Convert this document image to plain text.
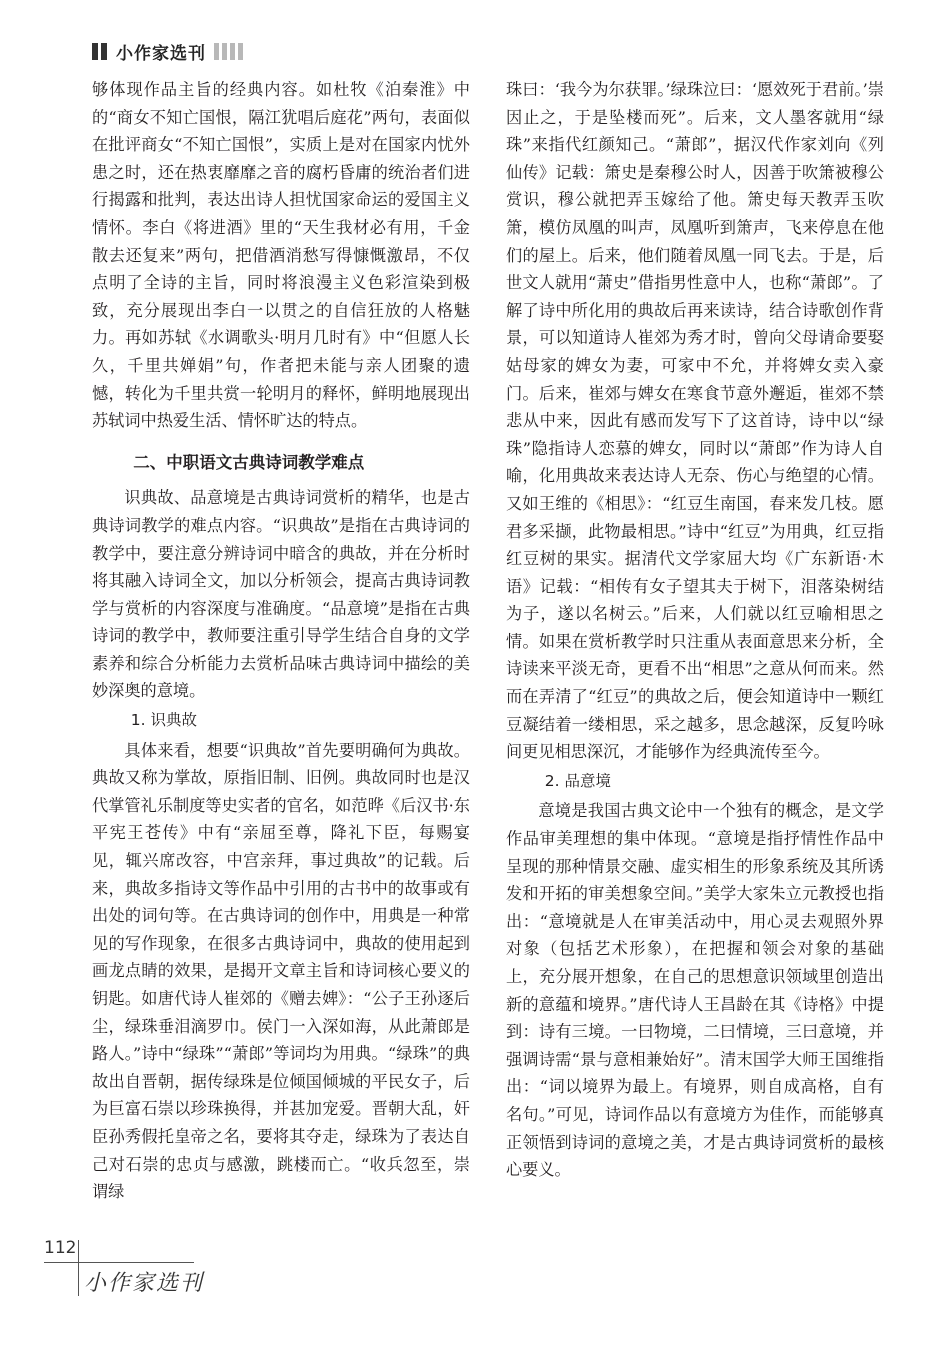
小作家选刊

够体现作品主旨的经典内容。如杜牧《泊秦淮》中的“商女不知亡国恨，隔江犹唱后庭花”两句，表面似在批评商女“不知亡国恨”，实质上是对在国家内忧外患之时，还在热衷靡靡之音的腐朽昏庸的统治者们进行揭露和批判，表达出诗人担忧国家命运的爱国主义情怀。李白《将进酒》里的“天生我材必有用，千金散去还复来”两句，把借酒消愁写得慷慨激昂，不仅点明了全诗的主旨，同时将浪漫主义色彩渲染到极致，充分展现出李白一以贯之的自信狂放的人格魅力。再如苏轼《水调歌头·明月几时有》中“但愿人长久，千里共婵娟”句，作者把未能与亲人团聚的遗憾，转化为千里共赏一轮明月的释怀，鲜明地展现出苏轼词中热爱生活、情怀旷达的特点。

二、中职语文古典诗词教学难点

识典故、品意境是古典诗词赏析的精华，也是古典诗词教学的难点内容。“识典故”是指在古典诗词的教学中，要注意分辨诗词中暗含的典故，并在分析时将其融入诗词全文，加以分析领会，提高古典诗词教学与赏析的内容深度与准确度。“品意境”是指在古典诗词的教学中，教师要注重引导学生结合自身的文学素养和综合分析能力去赏析品味古典诗词中描绘的美妙深奥的意境。

1. 识典故

具体来看，想要“识典故”首先要明确何为典故。典故又称为掌故，原指旧制、旧例。典故同时也是汉代掌管礼乐制度等史实者的官名，如范晔《后汉书·东平宪王苍传》中有“亲屈至尊，降礼下臣，每赐宴见，辄兴席改容，中宫亲拜，事过典故”的记载。后来，典故多指诗文等作品中引用的古书中的故事或有出处的词句等。在古典诗词的创作中，用典是一种常见的写作现象，在很多古典诗词中，典故的使用起到画龙点睛的效果，是揭开文章主旨和诗词核心要义的钥匙。如唐代诗人崔郊的《赠去婢》：“公子王孙逐后尘，绿珠垂泪滴罗巾。侯门一入深如海，从此萧郎是路人。”诗中“绿珠”“萧郎”等词均为用典。“绿珠”的典故出自晋朝，据传绿珠是位倾国倾城的平民女子，后为巨富石崇以珍珠换得，并甚加宠爱。晋朝大乱，奸臣孙秀假托皇帝之名，要将其夺走，绿珠为了表达自己对石崇的忠贞与感激，跳楼而亡。“收兵忽至，崇谓绿

珠曰：‘我今为尔获罪。’绿珠泣曰：‘愿效死于君前。’崇因止之，于是坠楼而死”。后来，文人墨客就用“绿珠”来指代红颜知己。“萧郎”，据汉代作家刘向《列仙传》记载：箫史是秦穆公时人，因善于吹箫被穆公赏识，穆公就把弄玉嫁给了他。箫史每天教弄玉吹箫，模仿凤凰的叫声，凤凰听到箫声，飞来停息在他们的屋上。后来，他们随着凤凰一同飞去。于是，后世文人就用“萧史”借指男性意中人，也称“萧郎”。了解了诗中所化用的典故后再来读诗，结合诗歌创作背景，可以知道诗人崔郊为秀才时，曾向父母请命要娶姑母家的婢女为妻，可家中不允，并将婢女卖入豪门。后来，崔郊与婢女在寒食节意外邂逅，崔郊不禁悲从中来，因此有感而发写下了这首诗，诗中以“绿珠”隐指诗人恋慕的婢女，同时以“萧郎”作为诗人自喻，化用典故来表达诗人无奈、伤心与绝望的心情。又如王维的《相思》：“红豆生南国，春来发几枝。愿君多采撷，此物最相思。”诗中“红豆”为用典，红豆指红豆树的果实。据清代文学家屈大均《广东新语·木语》记载：“相传有女子望其夫于树下，泪落染树结为子，遂以名树云。”后来，人们就以红豆喻相思之情。如果在赏析教学时只注重从表面意思来分析，全诗读来平淡无奇，更看不出“相思”之意从何而来。然而在弄清了“红豆”的典故之后，便会知道诗中一颗红豆凝结着一缕相思，采之越多，思念越深，反复吟咏间更见相思深沉，才能够作为经典流传至今。

2. 品意境

意境是我国古典文论中一个独有的概念，是文学作品审美理想的集中体现。“意境是指抒情性作品中呈现的那种情景交融、虚实相生的形象系统及其所诱发和开拓的审美想象空间。”美学大家朱立元教授也指出：“意境就是人在审美活动中，用心灵去观照外界对象（包括艺术形象），在把握和领会对象的基础上，充分展开想象，在自己的思想意识领域里创造出新的意蕴和境界。”唐代诗人王昌龄在其《诗格》中提到：诗有三境。一曰物境，二曰情境，三曰意境，并强调诗需“景与意相兼始好”。清末国学大师王国维指出：“词以境界为最上。有境界，则自成高格，自有名句。”可见，诗词作品以有意境方为佳作，而能够真正领悟到诗词的意境之美，才是古典诗词赏析的最核心要义。

112
小作家选刊
